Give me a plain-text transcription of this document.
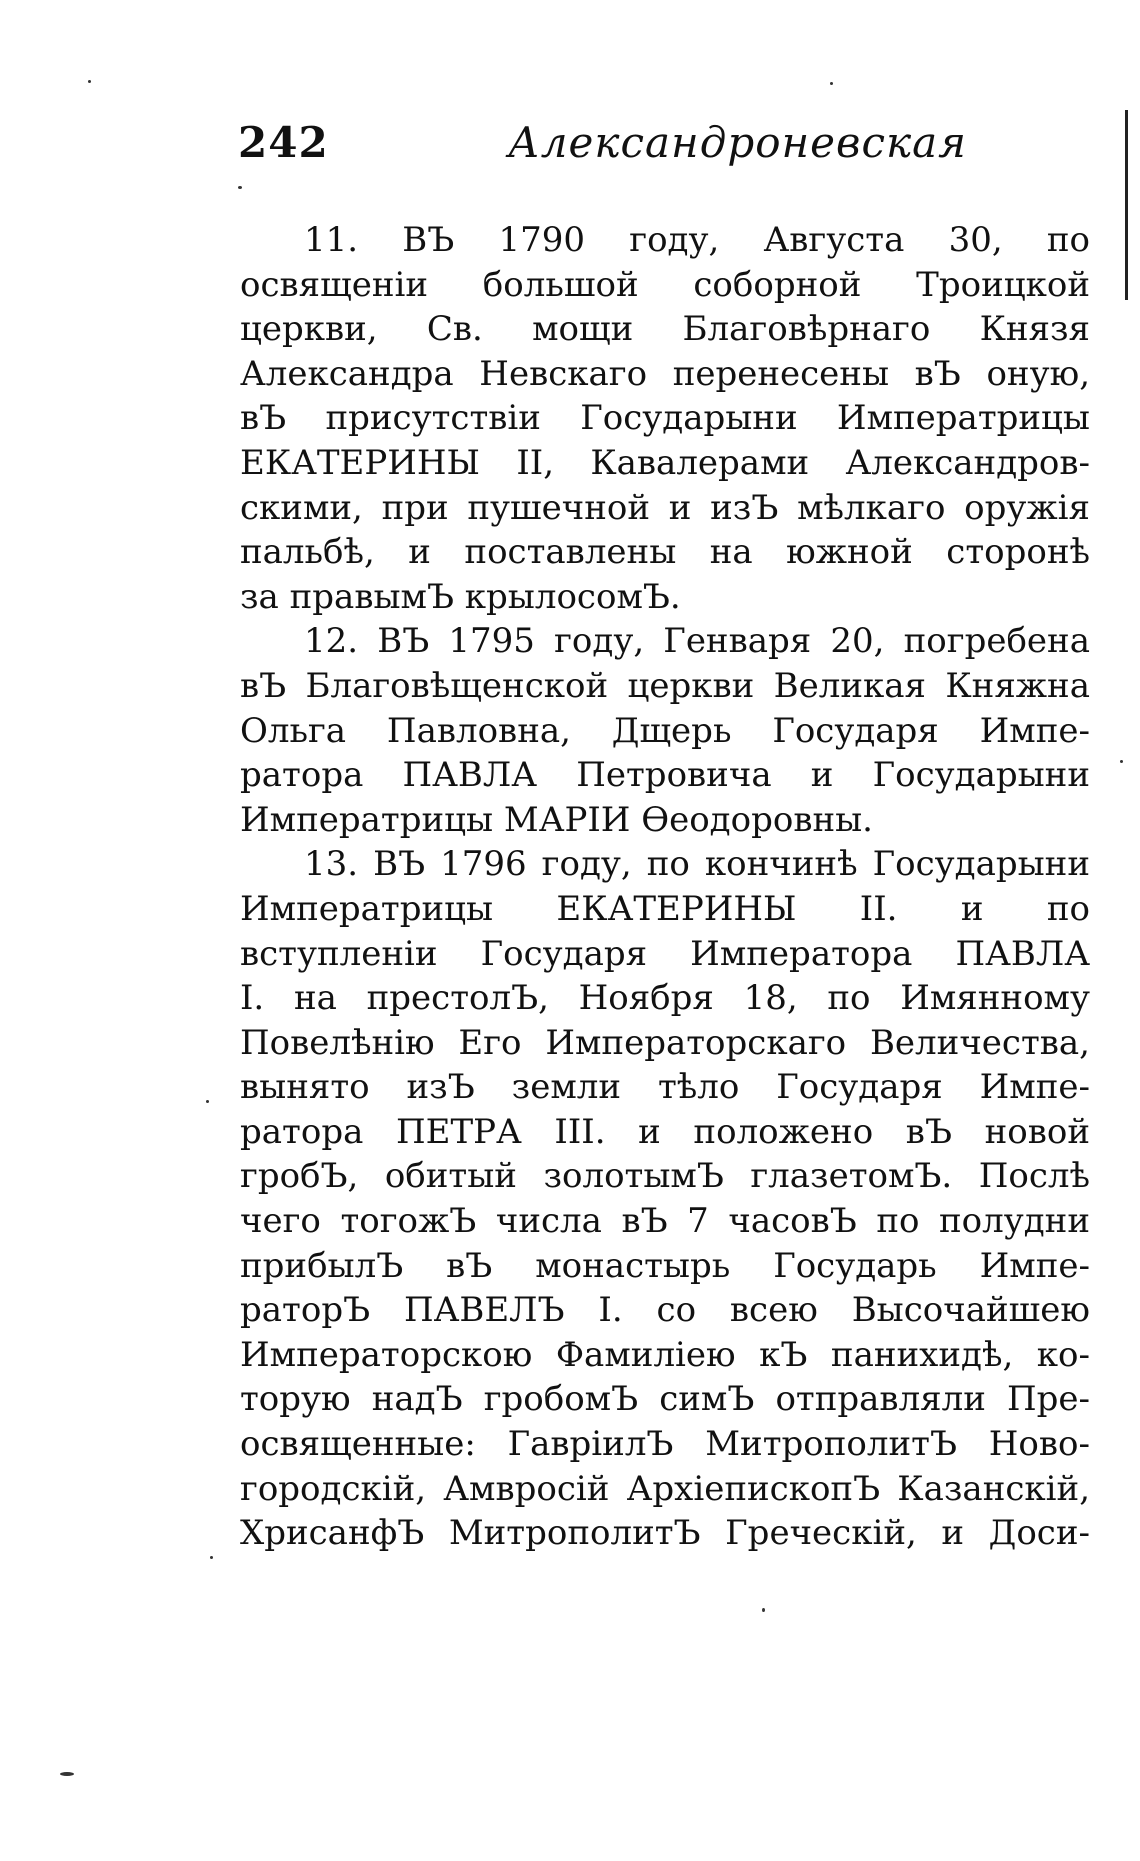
242	Александроневская
11. ВЪ 1790 году, Августа 30, по
освященіи большой соборной Троицкой
церкви, Св. мощи Благовѣрнаго Князя
Александра Невскаго перенесены вЪ оную,
вЪ присутствіи Государыни Императрицы
ЕКАТЕРИНЫ II, Кавалерами Александров-
скими, при пушечной и изЪ мѣлкаго оружія
пальбѣ, и поставлены на южной сторонѣ
за правымЪ крылосомЪ.
12. ВЪ 1795 году, Генваря 20, погребена
вЪ Благовѣщенской церкви Великая Княжна
Ольга Павловна, Дщерь Государя Импе-
ратора ПАВЛА Петровича и Государыни
Императрицы МАРІИ Ѳеодоровны.
13. ВЪ 1796 году, по кончинѣ Государыни
Императрицы ЕКАТЕРИНЫ II. и по
вступленіи Государя Императора ПАВЛА
I. на престолЪ, Ноября 18, по Имянному
Повелѣнію Его Императорскаго Величества,
вынято изЪ земли тѣло Государя Импе-
ратора ПЕТРА III. и положено вЪ новой
гробЪ, обитый золотымЪ глазетомЪ. Послѣ
чего тогожЪ числа вЪ 7 часовЪ по полудни
прибылЪ вЪ монастырь Государь Импе-
раторЪ ПАВЕЛЪ I. со всею Высочайшею
Императорскою Фамиліею кЪ панихидѣ, ко-
торую надЪ гробомЪ симЪ отправляли Пре-
освященные: ГавріилЪ МитрополитЪ Ново-
городскій, Амвросій АрхіепископЪ Казанскій,
ХрисанфЪ МитрополитЪ Греческій, и Доси-
